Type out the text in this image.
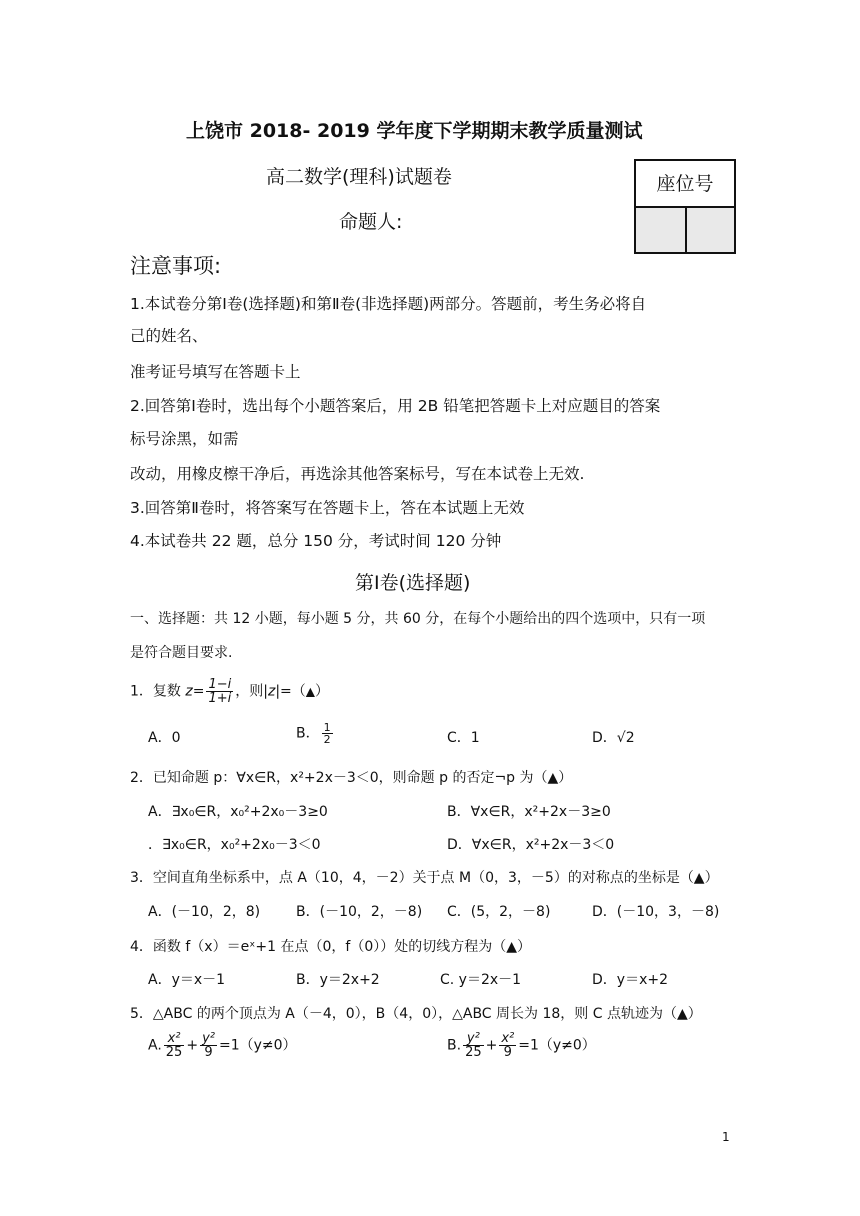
上饶市 2018- 2019 学年度下学期期末教学质量测试
高二数学(理科)试题卷
命题人:
座位号
注意事项:
1.本试卷分第Ⅰ卷(选择题)和第Ⅱ卷(非选择题)两部分。答题前，考生务必将自
己的姓名、
准考证号填写在答题卡上
2.回答第Ⅰ卷时，选出每个小题答案后，用 2B 铅笔把答题卡上对应题目的答案
标号涂黑，如需
改动，用橡皮檫干净后，再选涂其他答案标号，写在本试卷上无效.
3.回答第Ⅱ卷时，将答案写在答题卡上，答在本试题上无效
4.本试卷共 22 题，总分 150 分，考试时间 120 分钟
第Ⅰ卷(选择题)
一、选择题：共 12 小题，每小题 5 分，共 60 分，在每个小题给出的四个选项中，只有一项
是符合题目要求.
1．复数 $z= \frac{1-i}{1+i}$ ，则|z|=（▲）
A．0	B． $\frac{1}{2}$	C．1	D．√2
2．已知命题 p：∀x∈R，x²+2x－3＜0，则命题 p 的否定¬p 为（▲）
A．∃x₀∈R，x₀²+2x₀－3≥0	B．∀x∈R，x²+2x－3≥0
．∃x₀∈R，x₀²+2x₀－3＜0	D．∀x∈R，x²+2x－3＜0
3．空间直角坐标系中，点 A（10，4，－2）关于点 M（0，3，－5）的对称点的坐标是（▲）
A．(－10，2，8)	B．(－10，2，－8) C．(5，2，－8)	D．(－10，3，－8)
4．函数 f（x）＝eˣ+1 在点（0，f（0））处的切线方程为（▲）
A．y＝x－1	B．y＝2x+2	C. y＝2x－1	D．y＝x+2
5．△ABC 的两个顶点为 A（－4，0），B（4，0），△ABC 周长为 18，则 C 点轨迹为（▲）
A. $\frac{\text{x²}}{25} + \frac{\text{y²}}{9} =1(y\ne 0)$	B. $\frac{\text{y²}}{25} + \frac{\text{x²}}{9} =1(y\ne 0)$
1
